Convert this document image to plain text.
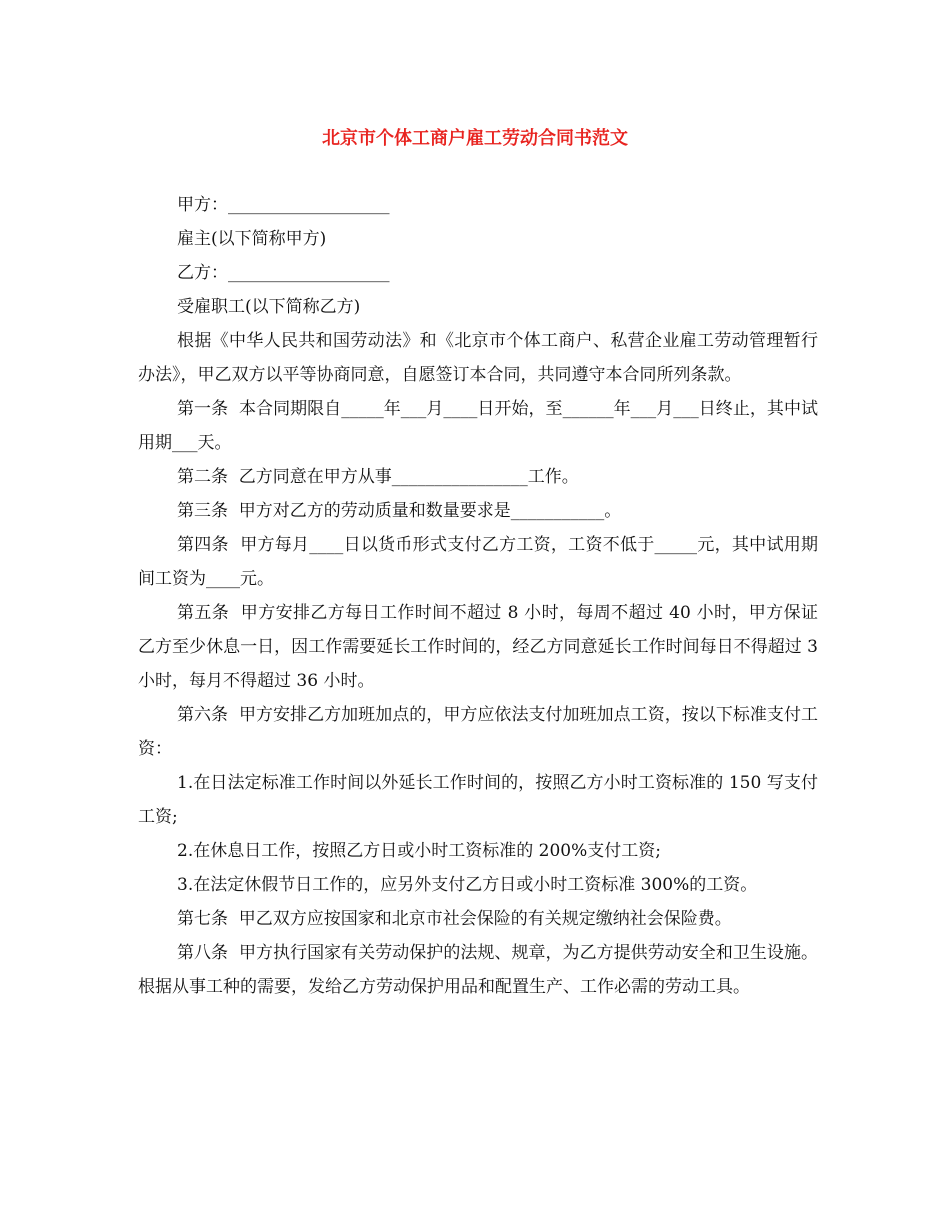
北京市个体工商户雇工劳动合同书范文

甲方：___________________

雇主(以下简称甲方)

乙方：___________________

受雇职工(以下简称乙方)

根据《中华人民共和国劳动法》和《北京市个体工商户、私营企业雇工劳动管理暂行办法》，甲乙双方以平等协商同意，自愿签订本合同，共同遵守本合同所列条款。

第一条  本合同期限自_____年___月____日开始，至______年___月___日终止，其中试用期___天。

第二条  乙方同意在甲方从事________________工作。

第三条  甲方对乙方的劳动质量和数量要求是___________。

第四条  甲方每月____日以货币形式支付乙方工资，工资不低于_____元，其中试用期间工资为____元。

第五条  甲方安排乙方每日工作时间不超过 8 小时，每周不超过 40 小时，甲方保证乙方至少休息一日，因工作需要延长工作时间的，经乙方同意延长工作时间每日不得超过 3 小时，每月不得超过 36 小时。

第六条  甲方安排乙方加班加点的，甲方应依法支付加班加点工资，按以下标准支付工资：

1.在日法定标准工作时间以外延长工作时间的，按照乙方小时工资标准的 150 写支付工资;

2.在休息日工作，按照乙方日或小时工资标准的 200%支付工资;

3.在法定休假节日工作的，应另外支付乙方日或小时工资标准 300%的工资。

第七条  甲乙双方应按国家和北京市社会保险的有关规定缴纳社会保险费。

第八条  甲方执行国家有关劳动保护的法规、规章，为乙方提供劳动安全和卫生设施。根据从事工种的需要，发给乙方劳动保护用品和配置生产、工作必需的劳动工具。
